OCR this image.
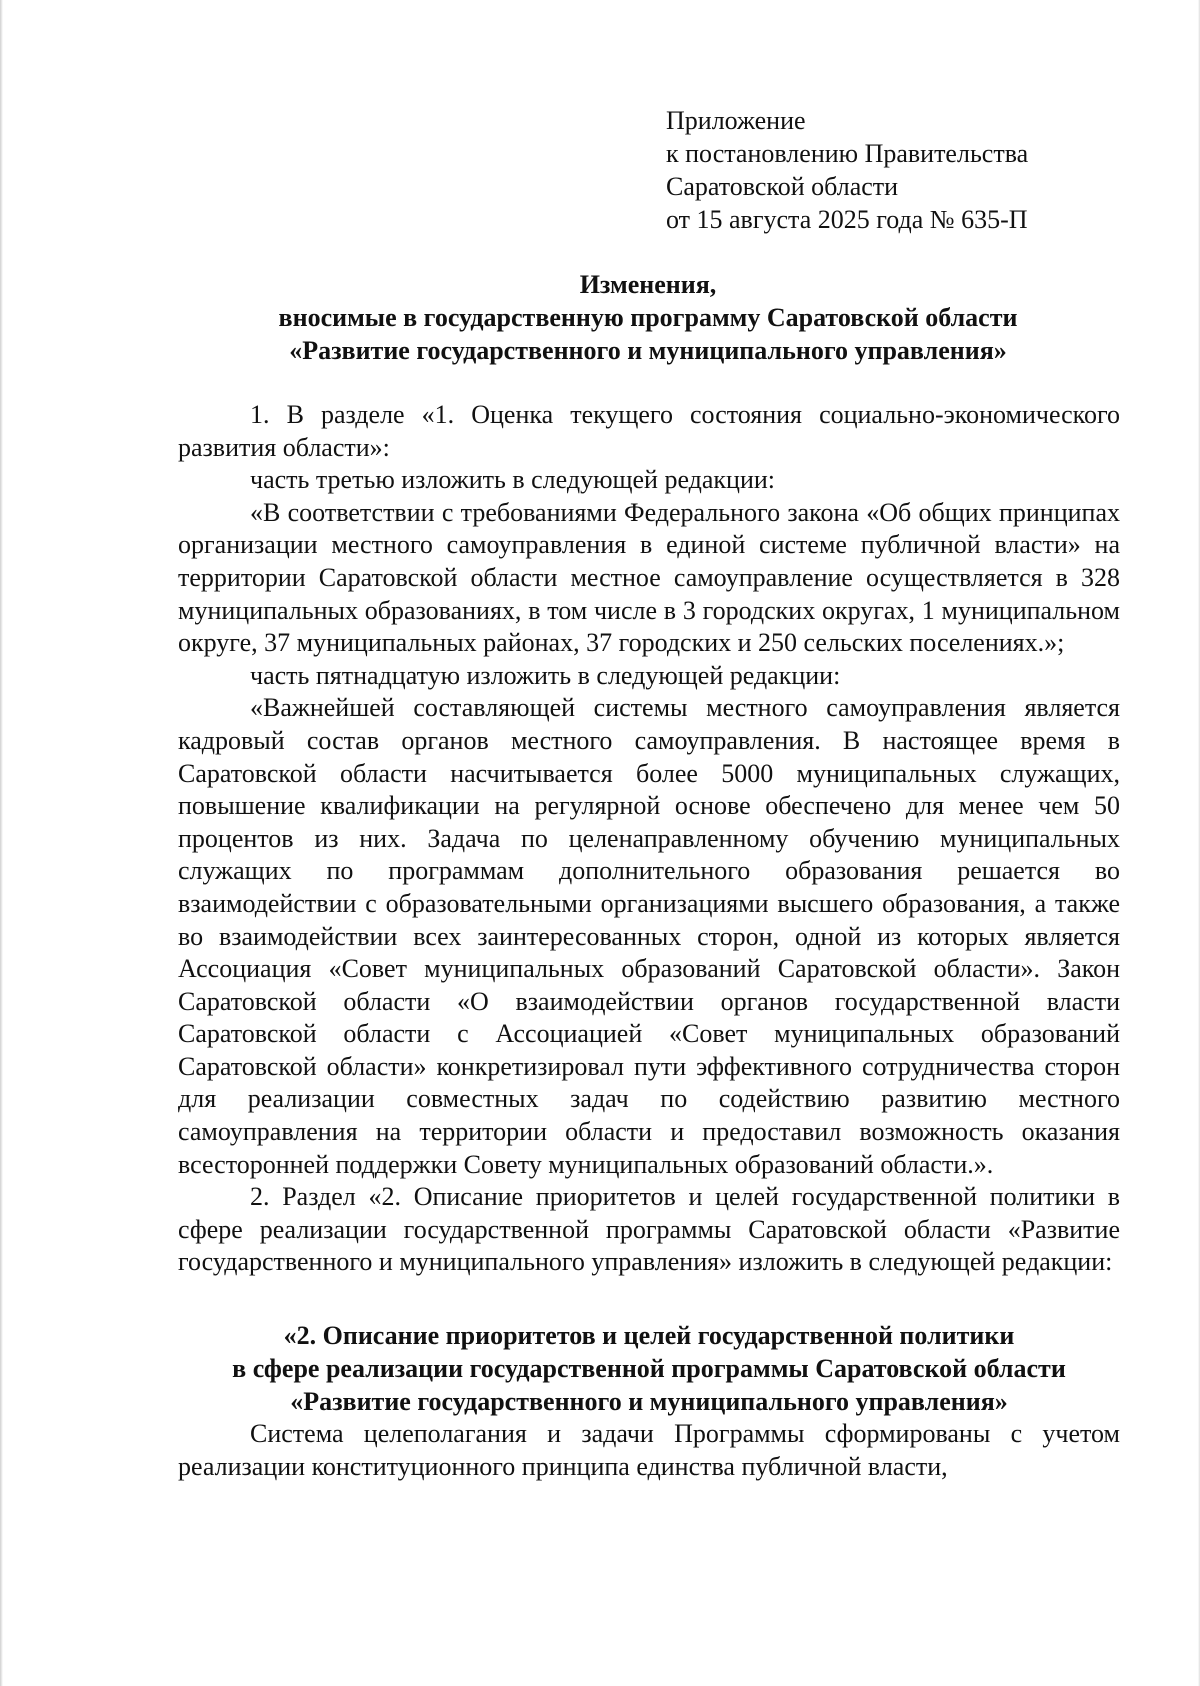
Приложение
к постановлению Правительства
Саратовской области
от 15 августа 2025 года № 635-П
Изменения,
вносимые в государственную программу Саратовской области
«Развитие государственного и муниципального управления»

1. В разделе «1. Оценка текущего состояния социально-экономического развития области»:

часть третью изложить в следующей редакции:

«В соответствии с требованиями Федерального закона «Об общих принципах организации местного самоуправления в единой системе публичной власти» на территории Саратовской области местное самоуправление осуществляется в 328 муниципальных образованиях, в том числе в 3 городских округах, 1 муниципальном округе, 37 муниципальных районах, 37 городских и 250 сельских поселениях.»;

часть пятнадцатую изложить в следующей редакции:

«Важнейшей составляющей системы местного самоуправления является кадровый состав органов местного самоуправления. В настоящее время в Саратовской области насчитывается более 5000 муниципальных служащих, повышение квалификации на регулярной основе обеспечено для менее чем 50 процентов из них. Задача по целенаправленному обучению муниципальных служащих по программам дополнительного образования решается во взаимодействии с образовательными организациями высшего образования, а также во взаимодействии всех заинтересованных сторон, одной из которых является Ассоциация «Совет муниципальных образований Саратовской области». Закон Саратовской области «О взаимодействии органов государственной власти Саратовской области с Ассоциацией «Совет муниципальных образований Саратовской области» конкретизировал пути эффективного сотрудничества сторон для реализации совместных задач по содействию развитию местного самоуправления на территории области и предоставил возможность оказания всесторонней поддержки Совету муниципальных образований области.».

2. Раздел «2. Описание приоритетов и целей государственной политики в сфере реализации государственной программы Саратовской области «Развитие государственного и муниципального управления» изложить в следующей редакции:

«2. Описание приоритетов и целей государственной политики
в сфере реализации государственной программы Саратовской области
«Развитие государственного и муниципального управления»

Система целеполагания и задачи Программы сформированы с учетом реализации конституционного принципа единства публичной власти,
